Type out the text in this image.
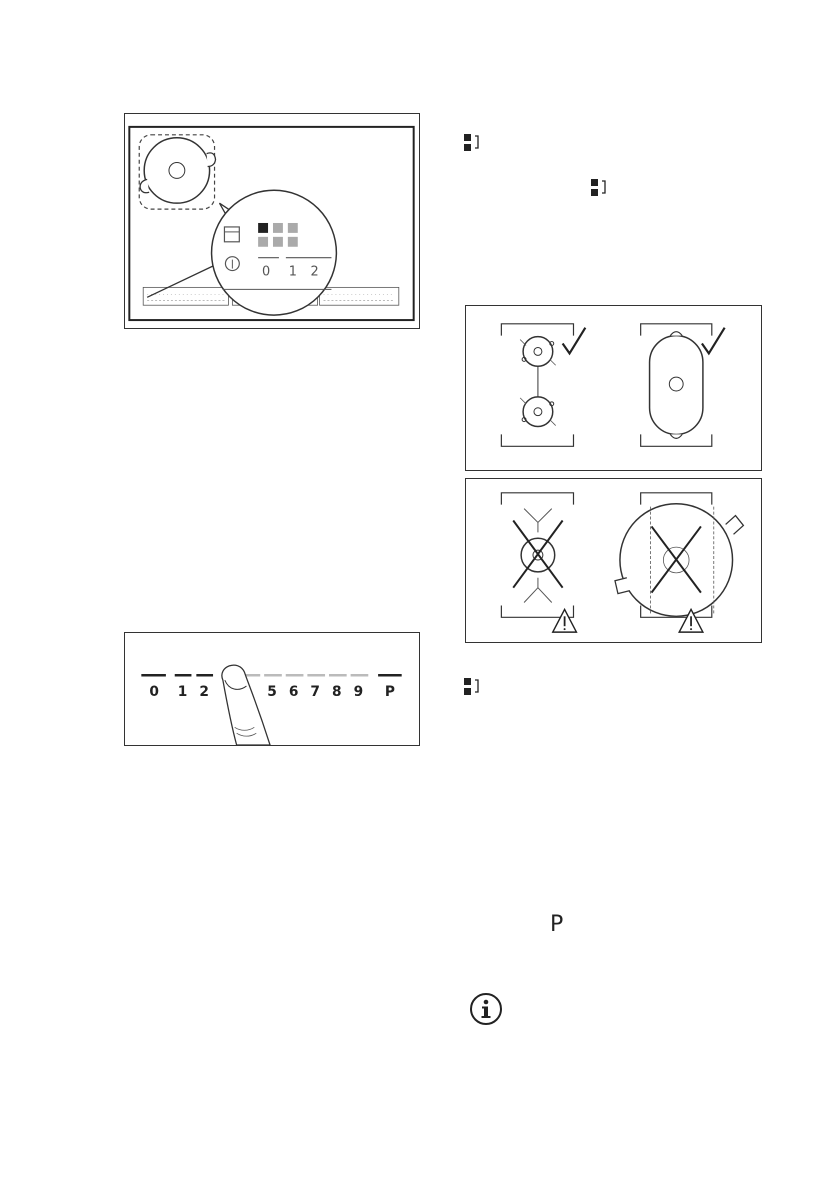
0 1 2
0 1 2	5 6 7 8 9 P
P
